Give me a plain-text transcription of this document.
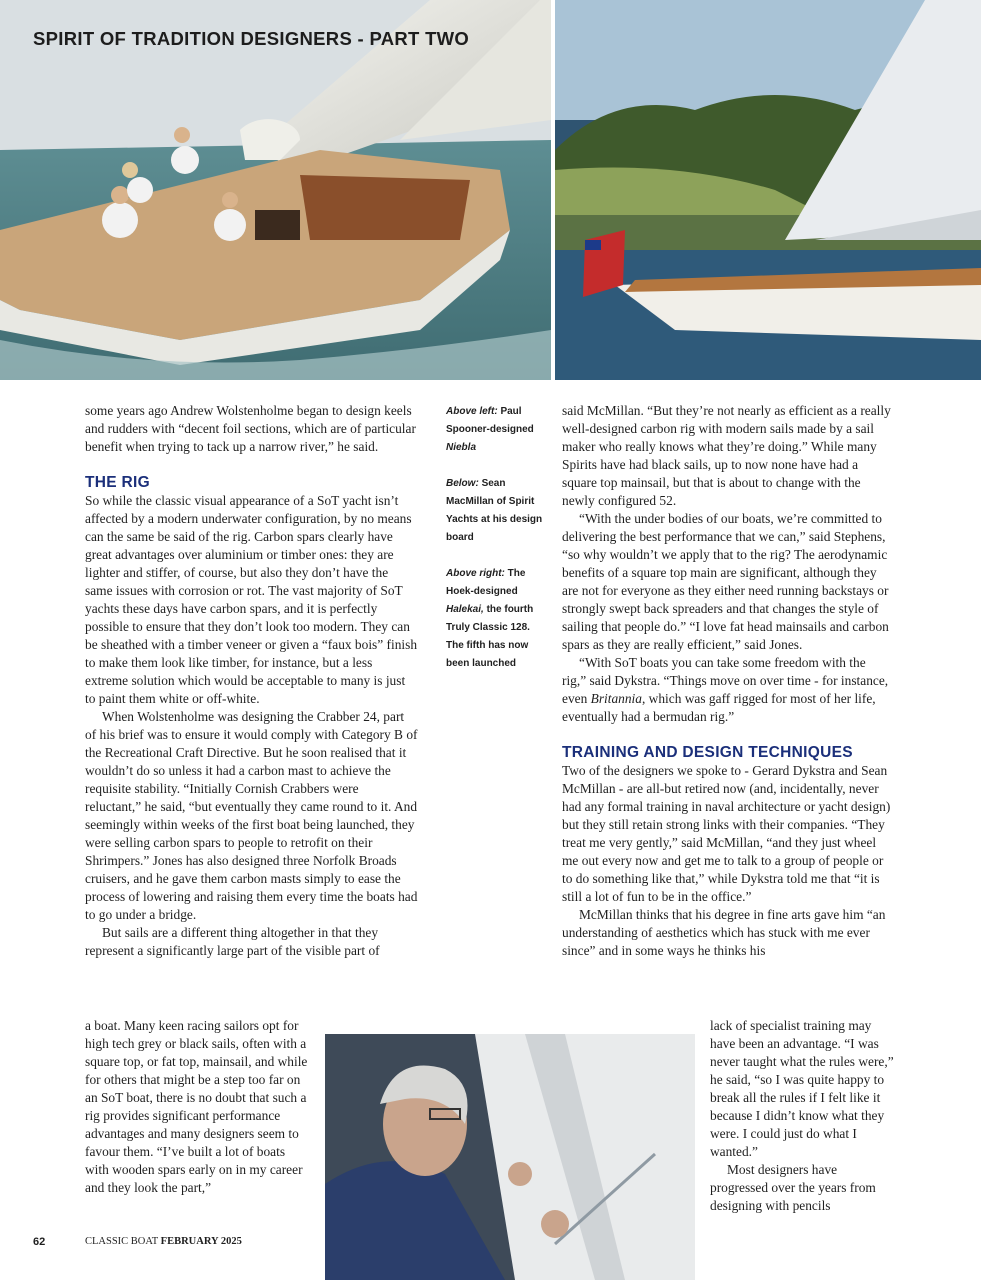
SPIRIT OF TRADITION DESIGNERS - PART TWO

some years ago Andrew Wolstenholme began to design keels and rudders with “decent foil sections, which are of particular benefit when trying to tack up a narrow river,” he said.

THE RIG

So while the classic visual appearance of a SoT yacht isn’t affected by a modern underwater configuration, by no means can the same be said of the rig. Carbon spars clearly have great advantages over aluminium or timber ones: they are lighter and stiffer, of course, but also they don’t have the same issues with corrosion or rot. The vast majority of SoT yachts these days have carbon spars, and it is perfectly possible to ensure that they don’t look too modern. They can be sheathed with a timber veneer or given a “faux bois” finish to make them look like timber, for instance, but a less extreme solution which would be acceptable to many is just to paint them white or off-white.

When Wolstenholme was designing the Crabber 24, part of his brief was to ensure it would comply with Category B of the Recreational Craft Directive. But he soon realised that it wouldn’t do so unless it had a carbon mast to achieve the requisite stability. “Initially Cornish Crabbers were reluctant,” he said, “but eventually they came round to it. And seemingly within weeks of the first boat being launched, they were selling carbon spars to people to retrofit on their Shrimpers.” Jones has also designed three Norfolk Broads cruisers, and he gave them carbon masts simply to ease the process of lowering and raising them every time the boats had to go under a bridge.

But sails are a different thing altogether in that they represent a significantly large part of the visible part of

a boat. Many keen racing sailors opt for high tech grey or black sails, often with a square top, or fat top, mainsail, and while for others that might be a step too far on an SoT boat, there is no doubt that such a rig provides significant performance advantages and many designers seem to favour them. “I’ve built a lot of boats with wooden spars early on in my career and they look the part,”

Above left: Paul Spooner-designed Niebla

Below: Sean MacMillan of Spirit Yachts at his design board

Above right: The Hoek-designed Halekai, the fourth Truly Classic 128. The fifth has now been launched

said McMillan. “But they’re not nearly as efficient as a really well-designed carbon rig with modern sails made by a sail maker who really knows what they’re doing.” While many Spirits have had black sails, up to now none have had a square top mainsail, but that is about to change with the newly configured 52.

“With the under bodies of our boats, we’re committed to delivering the best performance that we can,” said Stephens, “so why wouldn’t we apply that to the rig? The aerodynamic benefits of a square top main are significant, although they are not for everyone as they either need running backstays or strongly swept back spreaders and that changes the style of sailing that people do.” “I love fat head mainsails and carbon spars as they are really efficient,” said Jones.

“With SoT boats you can take some freedom with the rig,” said Dykstra. “Things move on over time - for instance, even Britannia, which was gaff rigged for most of her life, eventually had a bermudan rig.”

TRAINING AND DESIGN TECHNIQUES

Two of the designers we spoke to - Gerard Dykstra and Sean McMillan - are all-but retired now (and, incidentally, never had any formal training in naval architecture or yacht design) but they still retain strong links with their companies. “They treat me very gently,” said McMillan, “and they just wheel me out every now and get me to talk to a group of people or to do something like that,” while Dykstra told me that “it is still a lot of fun to be in the office.”

McMillan thinks that his degree in fine arts gave him “an understanding of aesthetics which has stuck with me ever since” and in some ways he thinks his

lack of specialist training may have been an advantage. “I was never taught what the rules were,” he said, “so I was quite happy to break all the rules if I felt like it because I didn’t know what they were. I could just do what I wanted.”

Most designers have progressed over the years from designing with pencils

62	CLASSIC BOAT FEBRUARY 2025
